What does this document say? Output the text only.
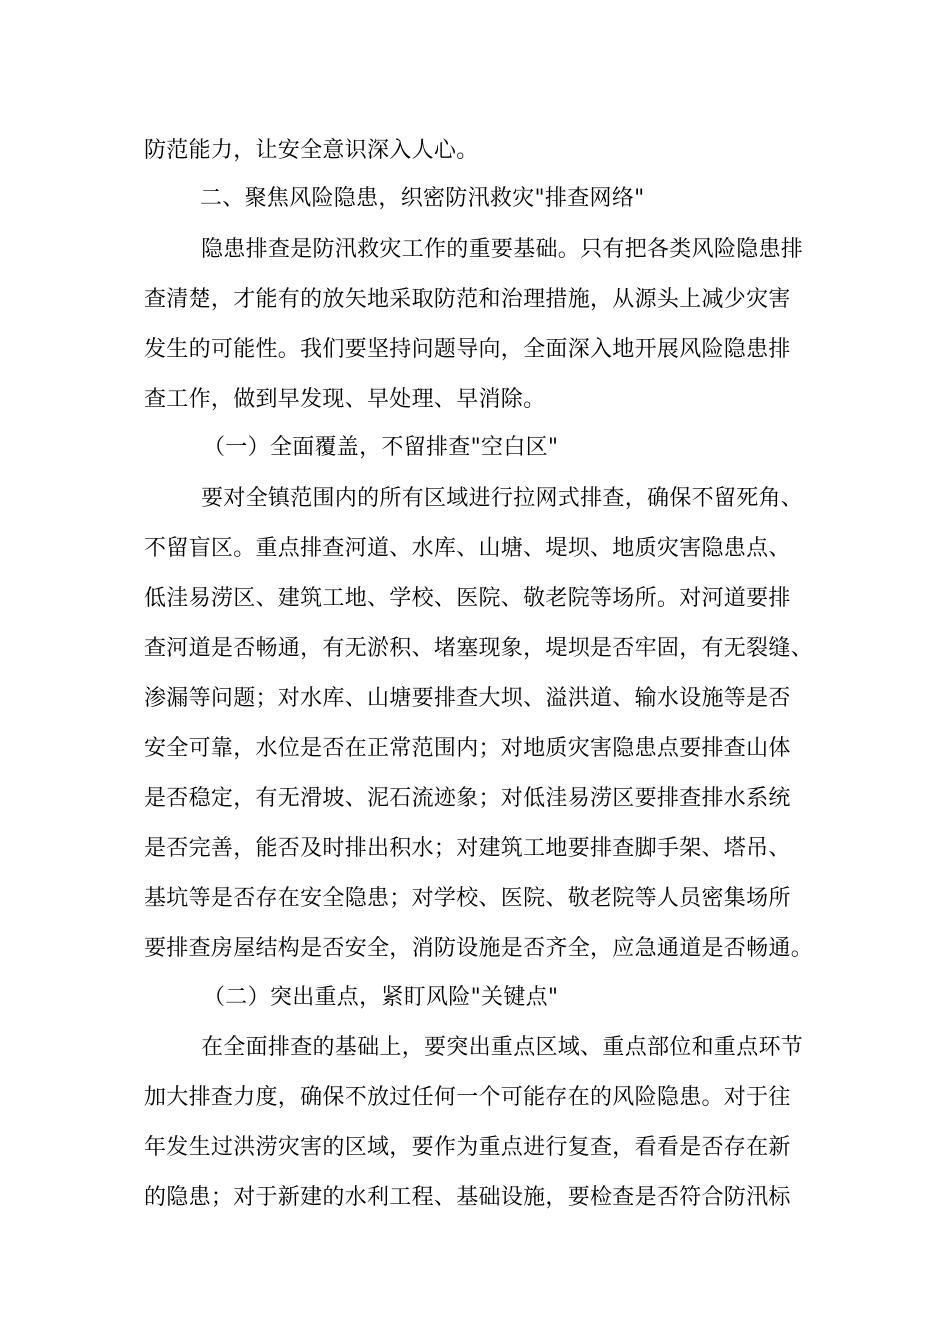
防范能力，让安全意识深入人心。
二、聚焦风险隐患，织密防汛救灾"排查网络"
隐患排查是防汛救灾工作的重要基础。只有把各类风险隐患排
查清楚，才能有的放矢地采取防范和治理措施，从源头上减少灾害
发生的可能性。我们要坚持问题导向，全面深入地开展风险隐患排
查工作，做到早发现、早处理、早消除。
（一）全面覆盖，不留排查"空白区"
要对全镇范围内的所有区域进行拉网式排查，确保不留死角、
不留盲区。重点排查河道、水库、山塘、堤坝、地质灾害隐患点、
低洼易涝区、建筑工地、学校、医院、敬老院等场所。对河道要排
查河道是否畅通，有无淤积、堵塞现象，堤坝是否牢固，有无裂缝、
渗漏等问题；对水库、山塘要排查大坝、溢洪道、输水设施等是否
安全可靠，水位是否在正常范围内；对地质灾害隐患点要排查山体
是否稳定，有无滑坡、泥石流迹象；对低洼易涝区要排查排水系统
是否完善，能否及时排出积水；对建筑工地要排查脚手架、塔吊、
基坑等是否存在安全隐患；对学校、医院、敬老院等人员密集场所
要排查房屋结构是否安全，消防设施是否齐全，应急通道是否畅通。
（二）突出重点，紧盯风险"关键点"
在全面排查的基础上，要突出重点区域、重点部位和重点环节
加大排查力度，确保不放过任何一个可能存在的风险隐患。对于往
年发生过洪涝灾害的区域，要作为重点进行复查，看看是否存在新
的隐患；对于新建的水利工程、基础设施，要检查是否符合防汛标
